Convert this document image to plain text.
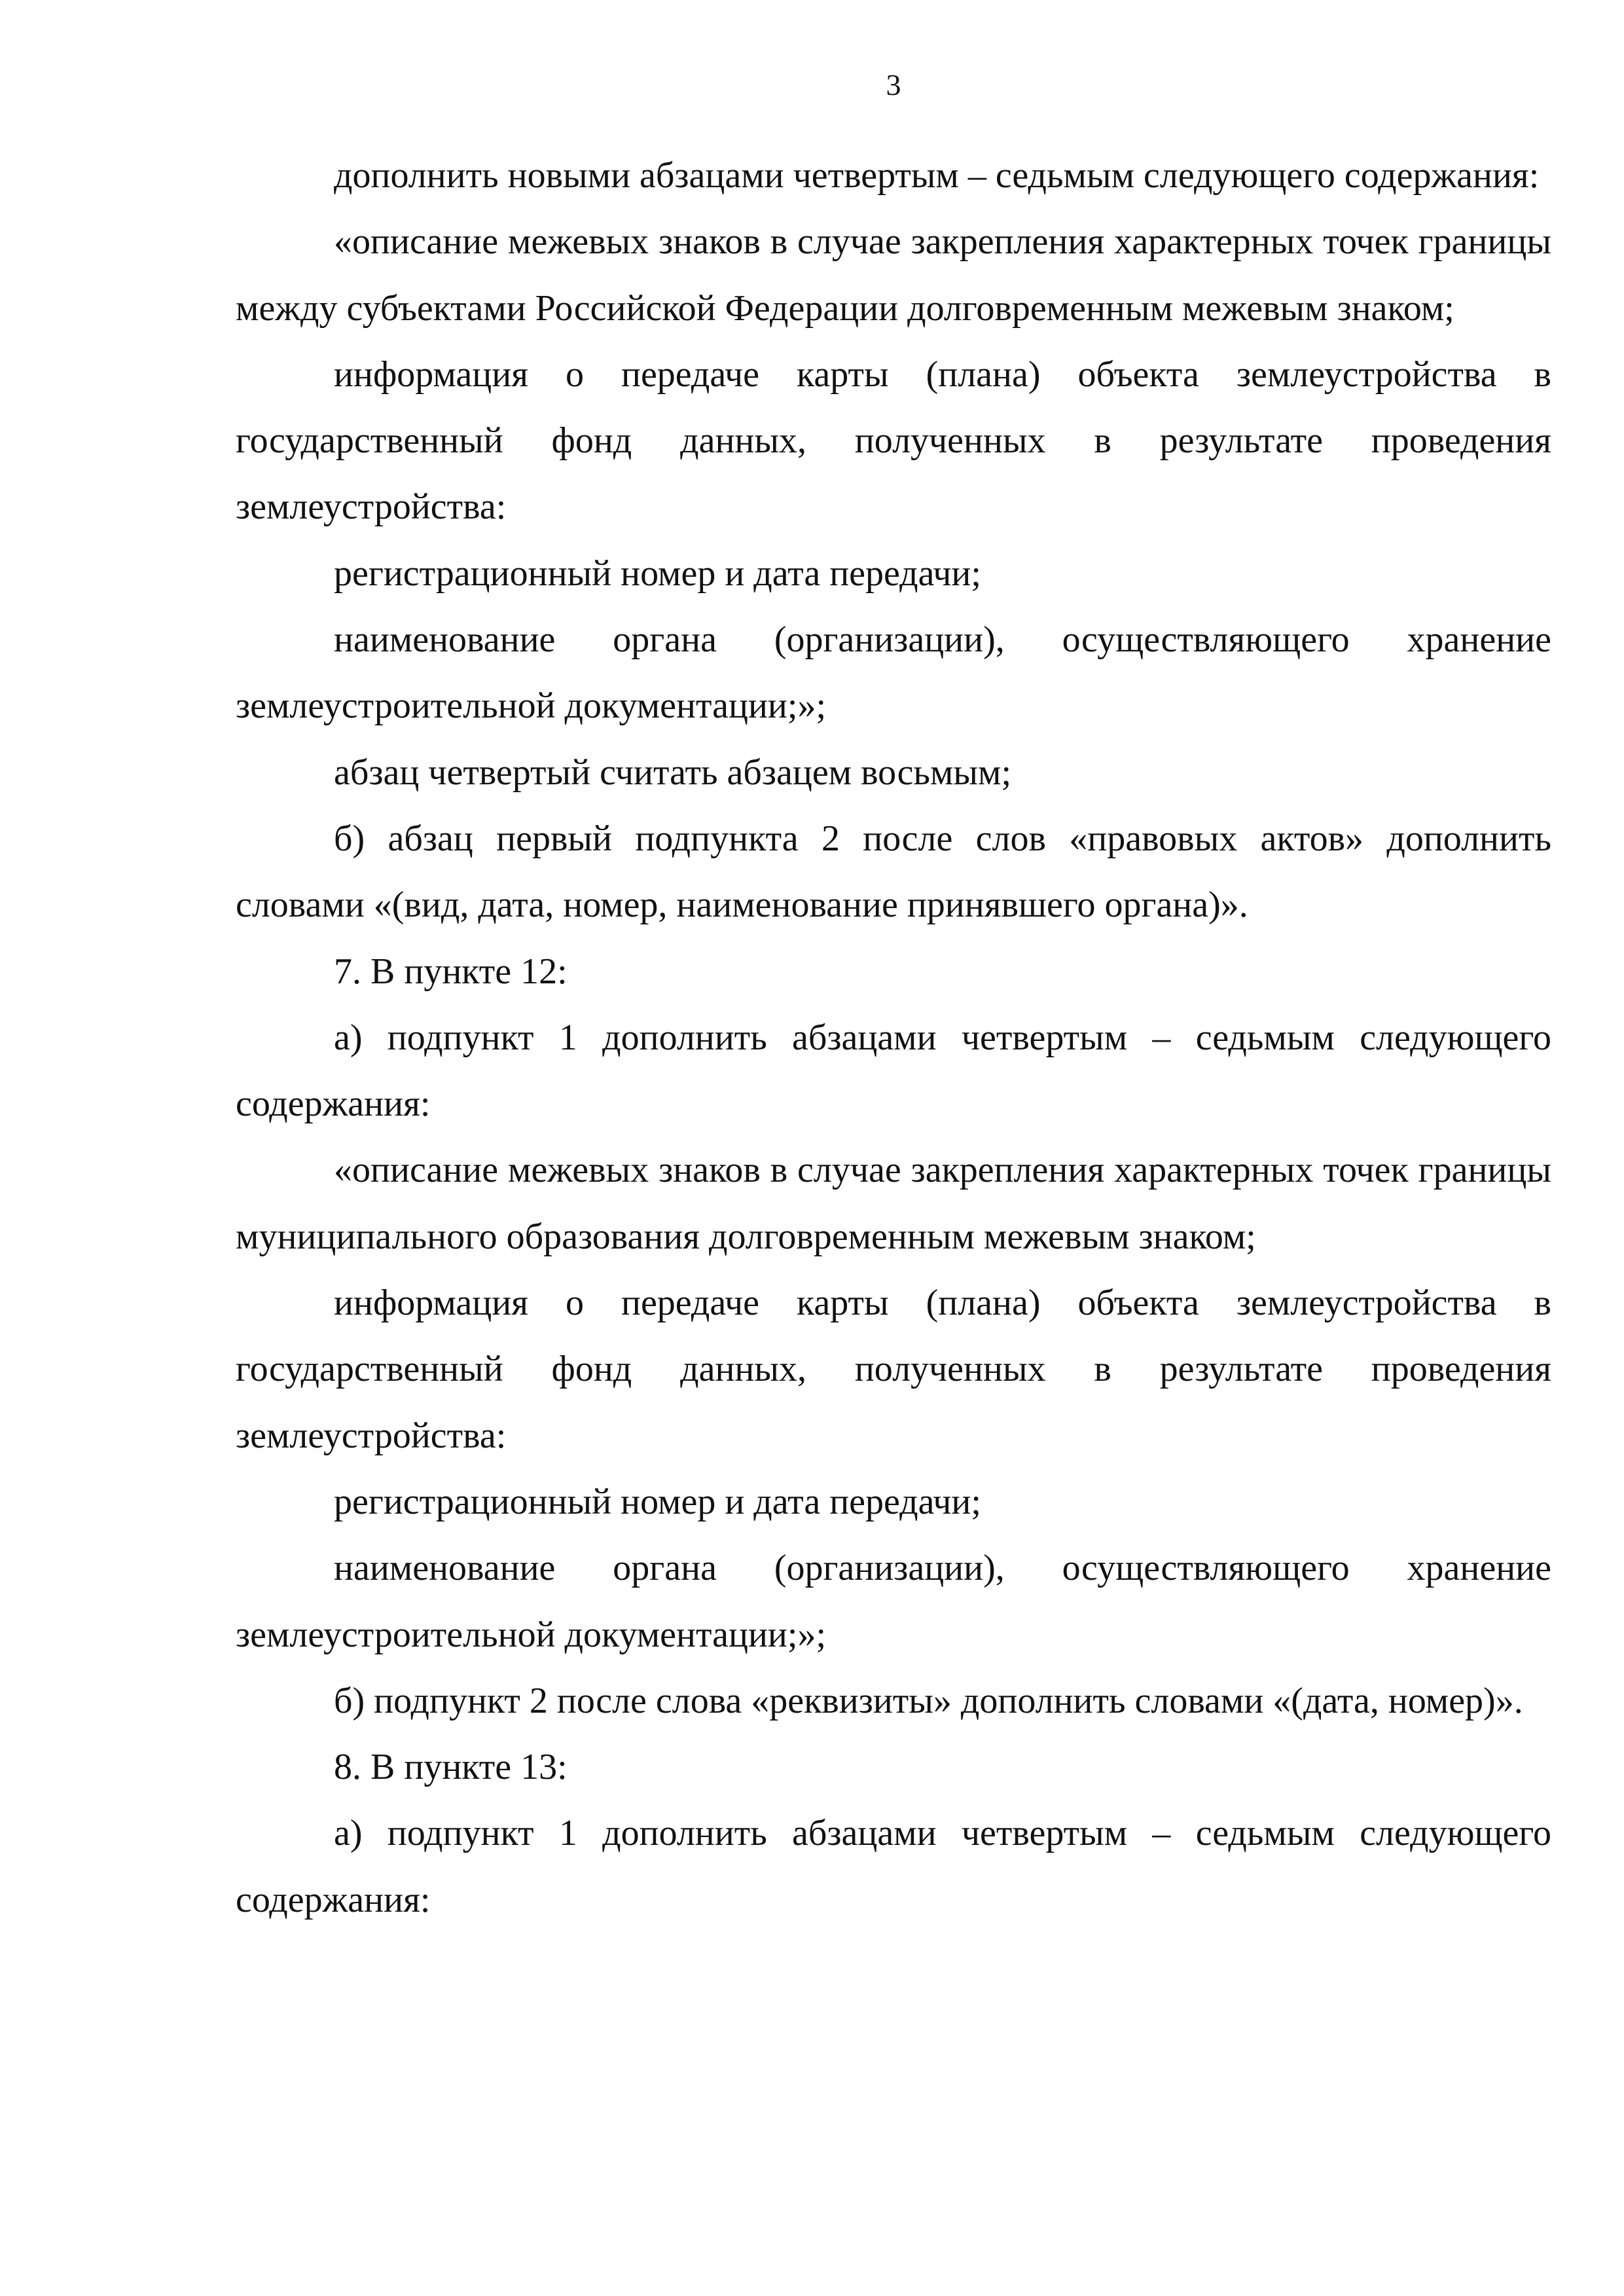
3

дополнить новыми абзацами четвертым – седьмым следующего содержания:

«описание межевых знаков в случае закрепления характерных точек границы между субъектами Российской Федерации долговременным межевым знаком;

информация о передаче карты (плана) объекта землеустройства в государственный фонд данных, полученных в результате проведения землеустройства:

регистрационный номер и дата передачи;

наименование органа (организации), осуществляющего хранение землеустроительной документации;»;

абзац четвертый считать абзацем восьмым;

б) абзац первый подпункта 2 после слов «правовых актов» дополнить словами «(вид, дата, номер, наименование принявшего органа)».

7. В пункте 12:

а) подпункт 1 дополнить абзацами четвертым – седьмым следующего содержания:

«описание межевых знаков в случае закрепления характерных точек границы муниципального образования долговременным межевым знаком;

информация о передаче карты (плана) объекта землеустройства в государственный фонд данных, полученных в результате проведения землеустройства:

регистрационный номер и дата передачи;

наименование органа (организации), осуществляющего хранение землеустроительной документации;»;

б) подпункт 2 после слова «реквизиты» дополнить словами «(дата, номер)».

8. В пункте 13:

а) подпункт 1 дополнить абзацами четвертым – седьмым следующего содержания:
